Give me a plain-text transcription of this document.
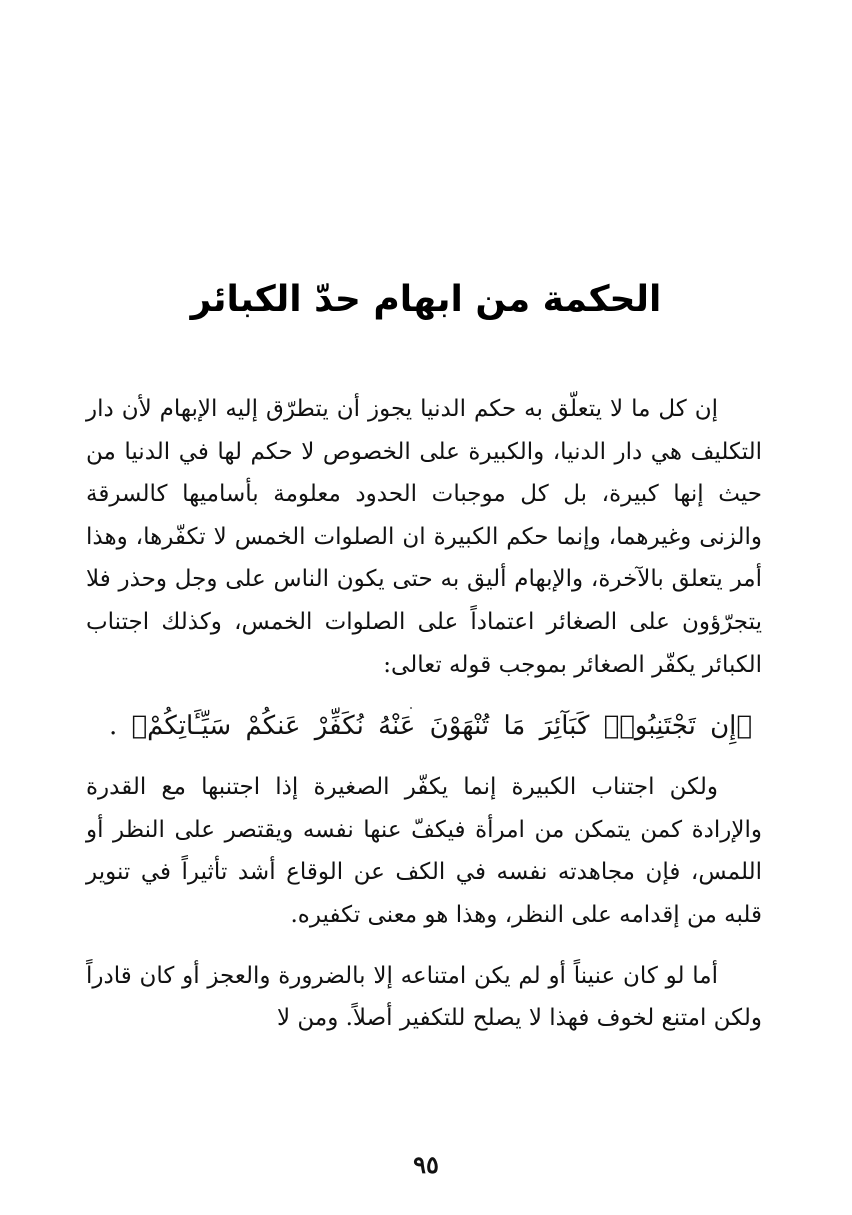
الحكمة من ابهام حدّ الكبائر

إن كل ما لا يتعلّق به حكم الدنيا يجوز أن يتطرّق إليه الإبهام لأن دار التكليف هي دار الدنيا، والكبيرة على الخصوص لا حكم لها في الدنيا من حيث إنها كبيرة، بل كل موجبات الحدود معلومة بأساميها كالسرقة والزنى وغيرهما، وإنما حكم الكبيرة ان الصلوات الخمس لا تكفّرها، وهذا أمر يتعلق بالآخرة، والإبهام أليق به حتى يكون الناس على وجل وحذر فلا يتجرّؤون على الصغائر اعتماداً على الصلوات الخمس، وكذلك اجتناب الكبائر يكفّر الصغائر بموجب قوله تعالى:

﴿إِن تَجْتَنِبُوا۟ كَبَآئِرَ مَا تُنْهَوْنَ عَنْهُ نُكَفِّرْ عَنكُمْ سَيِّـَٔاتِكُمْ﴾ .

ولكن اجتناب الكبيرة إنما يكفّر الصغيرة إذا اجتنبها مع القدرة والإرادة كمن يتمكن من امرأة فيكفّ عنها نفسه ويقتصر على النظر أو اللمس، فإن مجاهدته نفسه في الكف عن الوقاع أشد تأثيراً في تنوير قلبه من إقدامه على النظر، وهذا هو معنى تكفيره.

أما لو كان عنيناً أو لم يكن امتناعه إلا بالضرورة والعجز أو كان قادراً ولكن امتنع لخوف فهذا لا يصلح للتكفير أصلاً. ومن لا

٩٥
